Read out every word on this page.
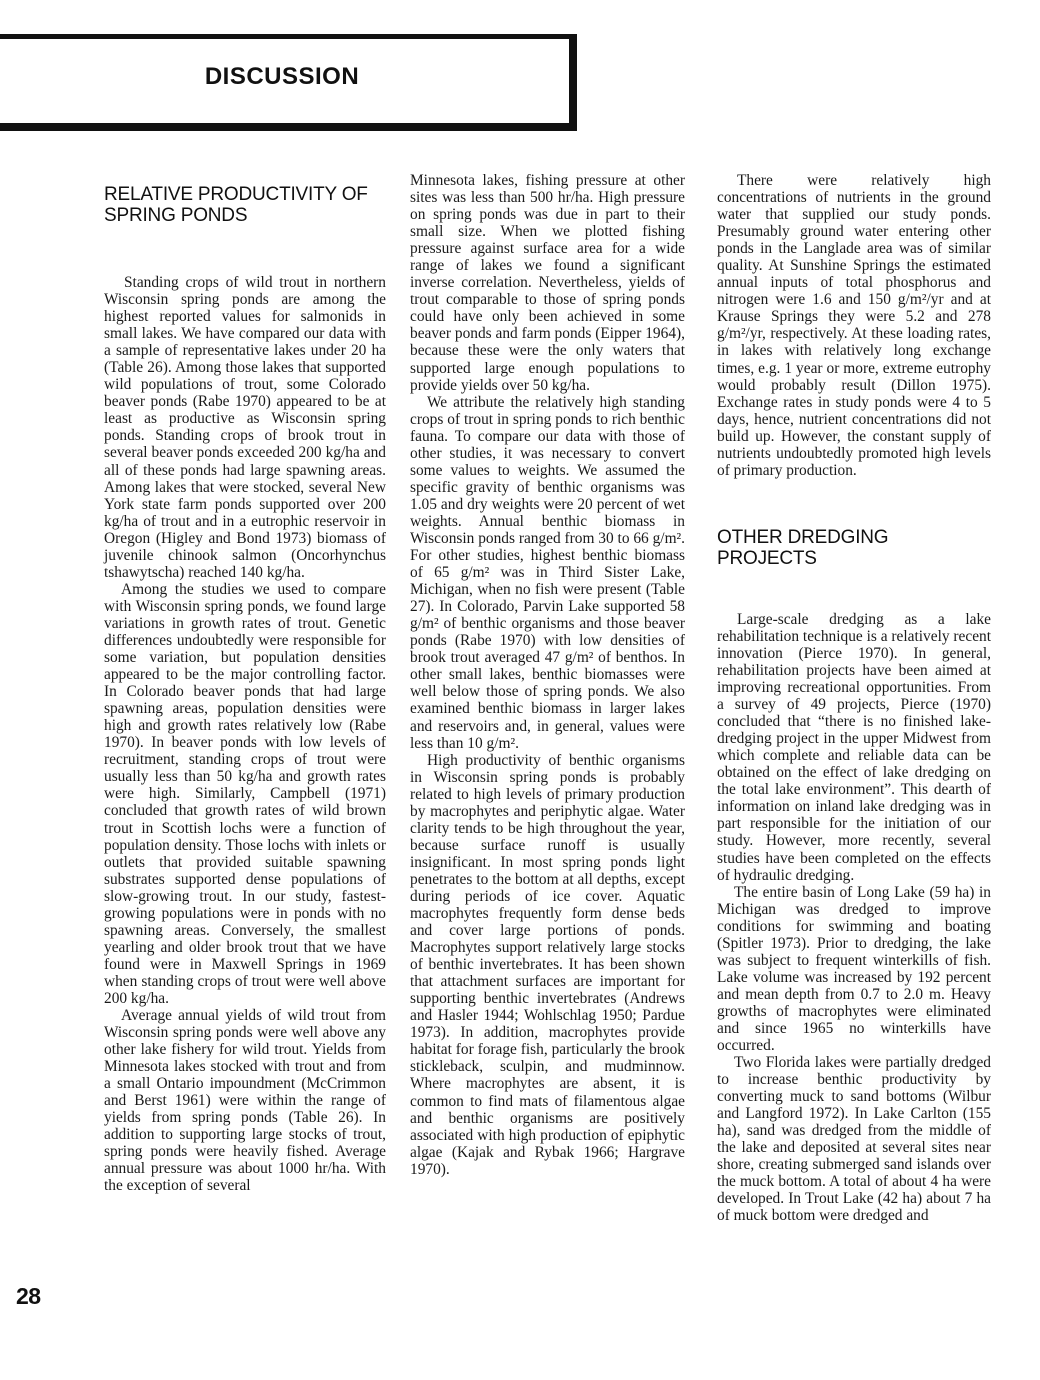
DISCUSSION
RELATIVE PRODUCTIVITY OF SPRING PONDS

Standing crops of wild trout in northern Wisconsin spring ponds are among the highest reported values for salmonids in small lakes. We have compared our data with a sample of representative lakes under 20 ha (Table 26). Among those lakes that supported wild populations of trout, some Colorado beaver ponds (Rabe 1970) appeared to be at least as productive as Wisconsin spring ponds. Standing crops of brook trout in several beaver ponds exceeded 200 kg/ha and all of these ponds had large spawning areas. Among lakes that were stocked, several New York state farm ponds supported over 200 kg/ha of trout and in a eutrophic reservoir in Oregon (Higley and Bond 1973) biomass of juvenile chinook salmon (Oncorhynchus tshawytscha) reached 140 kg/ha.

Among the studies we used to compare with Wisconsin spring ponds, we found large variations in growth rates of trout. Genetic differences undoubtedly were responsible for some variation, but population densities appeared to be the major controlling factor. In Colorado beaver ponds that had large spawning areas, population densities were high and growth rates relatively low (Rabe 1970). In beaver ponds with low levels of recruitment, standing crops of trout were usually less than 50 kg/ha and growth rates were high. Similarly, Campbell (1971) concluded that growth rates of wild brown trout in Scottish lochs were a function of population density. Those lochs with inlets or outlets that provided suitable spawning substrates supported dense populations of slow-growing trout. In our study, fastest-growing populations were in ponds with no spawning areas. Conversely, the smallest yearling and older brook trout that we have found were in Maxwell Springs in 1969 when standing crops of trout were well above 200 kg/ha.

Average annual yields of wild trout from Wisconsin spring ponds were well above any other lake fishery for wild trout. Yields from Minnesota lakes stocked with trout and from a small Ontario impoundment (McCrimmon and Berst 1961) were within the range of yields from spring ponds (Table 26). In addition to supporting large stocks of trout, spring ponds were heavily fished. Average annual pressure was about 1000 hr/ha. With the exception of several

Minnesota lakes, fishing pressure at other sites was less than 500 hr/ha. High pressure on spring ponds was due in part to their small size. When we plotted fishing pressure against surface area for a wide range of lakes we found a significant inverse correlation. Nevertheless, yields of trout comparable to those of spring ponds could have only been achieved in some beaver ponds and farm ponds (Eipper 1964), because these were the only waters that supported large enough populations to provide yields over 50 kg/ha.

We attribute the relatively high standing crops of trout in spring ponds to rich benthic fauna. To compare our data with those of other studies, it was necessary to convert some values to weights. We assumed the specific gravity of benthic organisms was 1.05 and dry weights were 20 percent of wet weights. Annual benthic biomass in Wisconsin ponds ranged from 30 to 66 g/m². For other studies, highest benthic biomass of 65 g/m² was in Third Sister Lake, Michigan, when no fish were present (Table 27). In Colorado, Parvin Lake supported 58 g/m² of benthic organisms and those beaver ponds (Rabe 1970) with low densities of brook trout averaged 47 g/m² of benthos. In other small lakes, benthic biomasses were well below those of spring ponds. We also examined benthic biomass in larger lakes and reservoirs and, in general, values were less than 10 g/m².

High productivity of benthic organisms in Wisconsin spring ponds is probably related to high levels of primary production by macrophytes and periphytic algae. Water clarity tends to be high throughout the year, because surface runoff is usually insignificant. In most spring ponds light penetrates to the bottom at all depths, except during periods of ice cover. Aquatic macrophytes frequently form dense beds and cover large portions of ponds. Macrophytes support relatively large stocks of benthic invertebrates. It has been shown that attachment surfaces are important for supporting benthic invertebrates (Andrews and Hasler 1944; Wohlschlag 1950; Pardue 1973). In addition, macrophytes provide habitat for forage fish, particularly the brook stickleback, sculpin, and mudminnow. Where macrophytes are absent, it is common to find mats of filamentous algae and benthic organisms are positively associated with high production of epiphytic algae (Kajak and Rybak 1966; Hargrave 1970).

There were relatively high concentrations of nutrients in the ground water that supplied our study ponds. Presumably ground water entering other ponds in the Langlade area was of similar quality. At Sunshine Springs the estimated annual inputs of total phosphorus and nitrogen were 1.6 and 150 g/m²/yr and at Krause Springs they were 5.2 and 278 g/m²/yr, respectively. At these loading rates, in lakes with relatively long exchange times, e.g. 1 year or more, extreme eutrophy would probably result (Dillon 1975). Exchange rates in study ponds were 4 to 5 days, hence, nutrient concentrations did not build up. However, the constant supply of nutrients undoubtedly promoted high levels of primary production.

OTHER DREDGING PROJECTS

Large-scale dredging as a lake rehabilitation technique is a relatively recent innovation (Pierce 1970). In general, rehabilitation projects have been aimed at improving recreational opportunities. From a survey of 49 projects, Pierce (1970) concluded that “there is no finished lake-dredging project in the upper Midwest from which complete and reliable data can be obtained on the effect of lake dredging on the total lake environment”. This dearth of information on inland lake dredging was in part responsible for the initiation of our study. However, more recently, several studies have been completed on the effects of hydraulic dredging.

The entire basin of Long Lake (59 ha) in Michigan was dredged to improve conditions for swimming and boating (Spitler 1973). Prior to dredging, the lake was subject to frequent winterkills of fish. Lake volume was increased by 192 percent and mean depth from 0.7 to 2.0 m. Heavy growths of macrophytes were eliminated and since 1965 no winterkills have occurred.

Two Florida lakes were partially dredged to increase benthic productivity by converting muck to sand bottoms (Wilbur and Langford 1972). In Lake Carlton (155 ha), sand was dredged from the middle of the lake and deposited at several sites near shore, creating submerged sand islands over the muck bottom. A total of about 4 ha were developed. In Trout Lake (42 ha) about 7 ha of muck bottom were dredged and

28
